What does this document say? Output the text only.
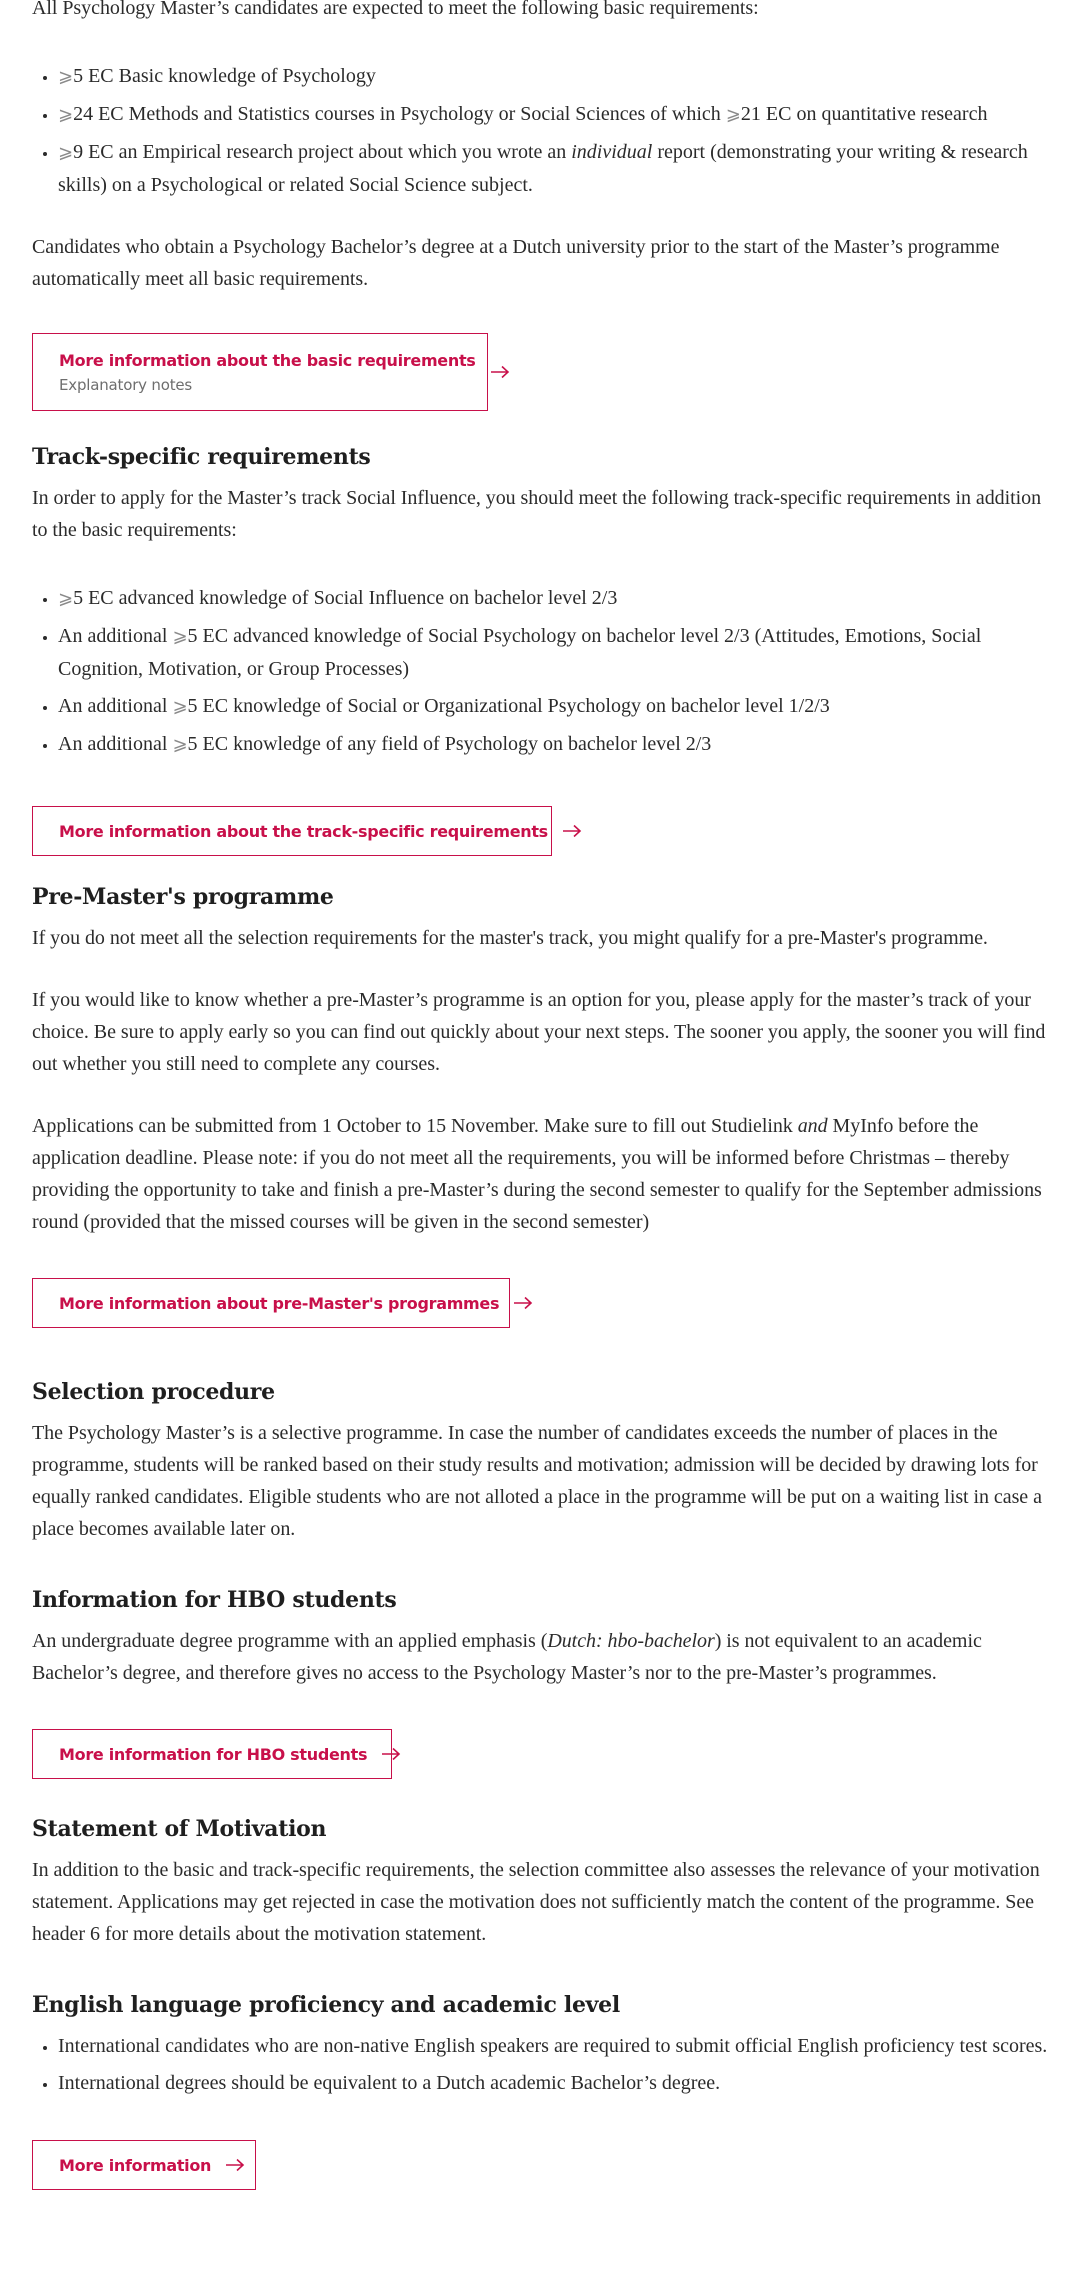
All Psychology Master’s candidates are expected to meet the following basic requirements:

• ⩾5 EC Basic knowledge of Psychology
• ⩾24 EC Methods and Statistics courses in Psychology or Social Sciences of which ⩾21 EC on quantitative research
• ⩾9 EC an Empirical research project about which you wrote an individual report (demonstrating your writing & research skills) on a Psychological or related Social Science subject.

Candidates who obtain a Psychology Bachelor’s degree at a Dutch university prior to the start of the Master’s programme automatically meet all basic requirements.

More information about the basic requirements
Explanatory notes
Track-specific requirements

In order to apply for the Master’s track Social Influence, you should meet the following track-specific requirements in addition to the basic requirements:

• ⩾5 EC advanced knowledge of Social Influence on bachelor level 2/3
• An additional ⩾5 EC advanced knowledge of Social Psychology on bachelor level 2/3 (Attitudes, Emotions, Social Cognition, Motivation, or Group Processes)
• An additional ⩾5 EC knowledge of Social or Organizational Psychology on bachelor level 1/2/3
• An additional ⩾5 EC knowledge of any field of Psychology on bachelor level 2/3
More information about the track-specific requirements
Pre-Master's programme

If you do not meet all the selection requirements for the master's track, you might qualify for a pre-Master's programme.

If you would like to know whether a pre-Master’s programme is an option for you, please apply for the master’s track of your choice. Be sure to apply early so you can find out quickly about your next steps. The sooner you apply, the sooner you will find out whether you still need to complete any courses.

Applications can be submitted from 1 October to 15 November. Make sure to fill out Studielink and MyInfo before the application deadline. Please note: if you do not meet all the requirements, you will be informed before Christmas – thereby providing the opportunity to take and finish a pre-Master’s during the second semester to qualify for the September admissions round (provided that the missed courses will be given in the second semester)

More information about pre-Master's programmes
Selection procedure

The Psychology Master’s is a selective programme. In case the number of candidates exceeds the number of places in the programme, students will be ranked based on their study results and motivation; admission will be decided by drawing lots for equally ranked candidates. Eligible students who are not alloted a place in the programme will be put on a waiting list in case a place becomes available later on.

Information for HBO students

An undergraduate degree programme with an applied emphasis (Dutch: hbo-bachelor) is not equivalent to an academic Bachelor’s degree, and therefore gives no access to the Psychology Master’s nor to the pre-Master’s programmes.

More information for HBO students
Statement of Motivation

In addition to the basic and track-specific requirements, the selection committee also assesses the relevance of your motivation statement. Applications may get rejected in case the motivation does not sufficiently match the content of the programme. See header 6 for more details about the motivation statement.

English language proficiency and academic level
• International candidates who are non-native English speakers are required to submit official English proficiency test scores.
• International degrees should be equivalent to a Dutch academic Bachelor’s degree.
More information
